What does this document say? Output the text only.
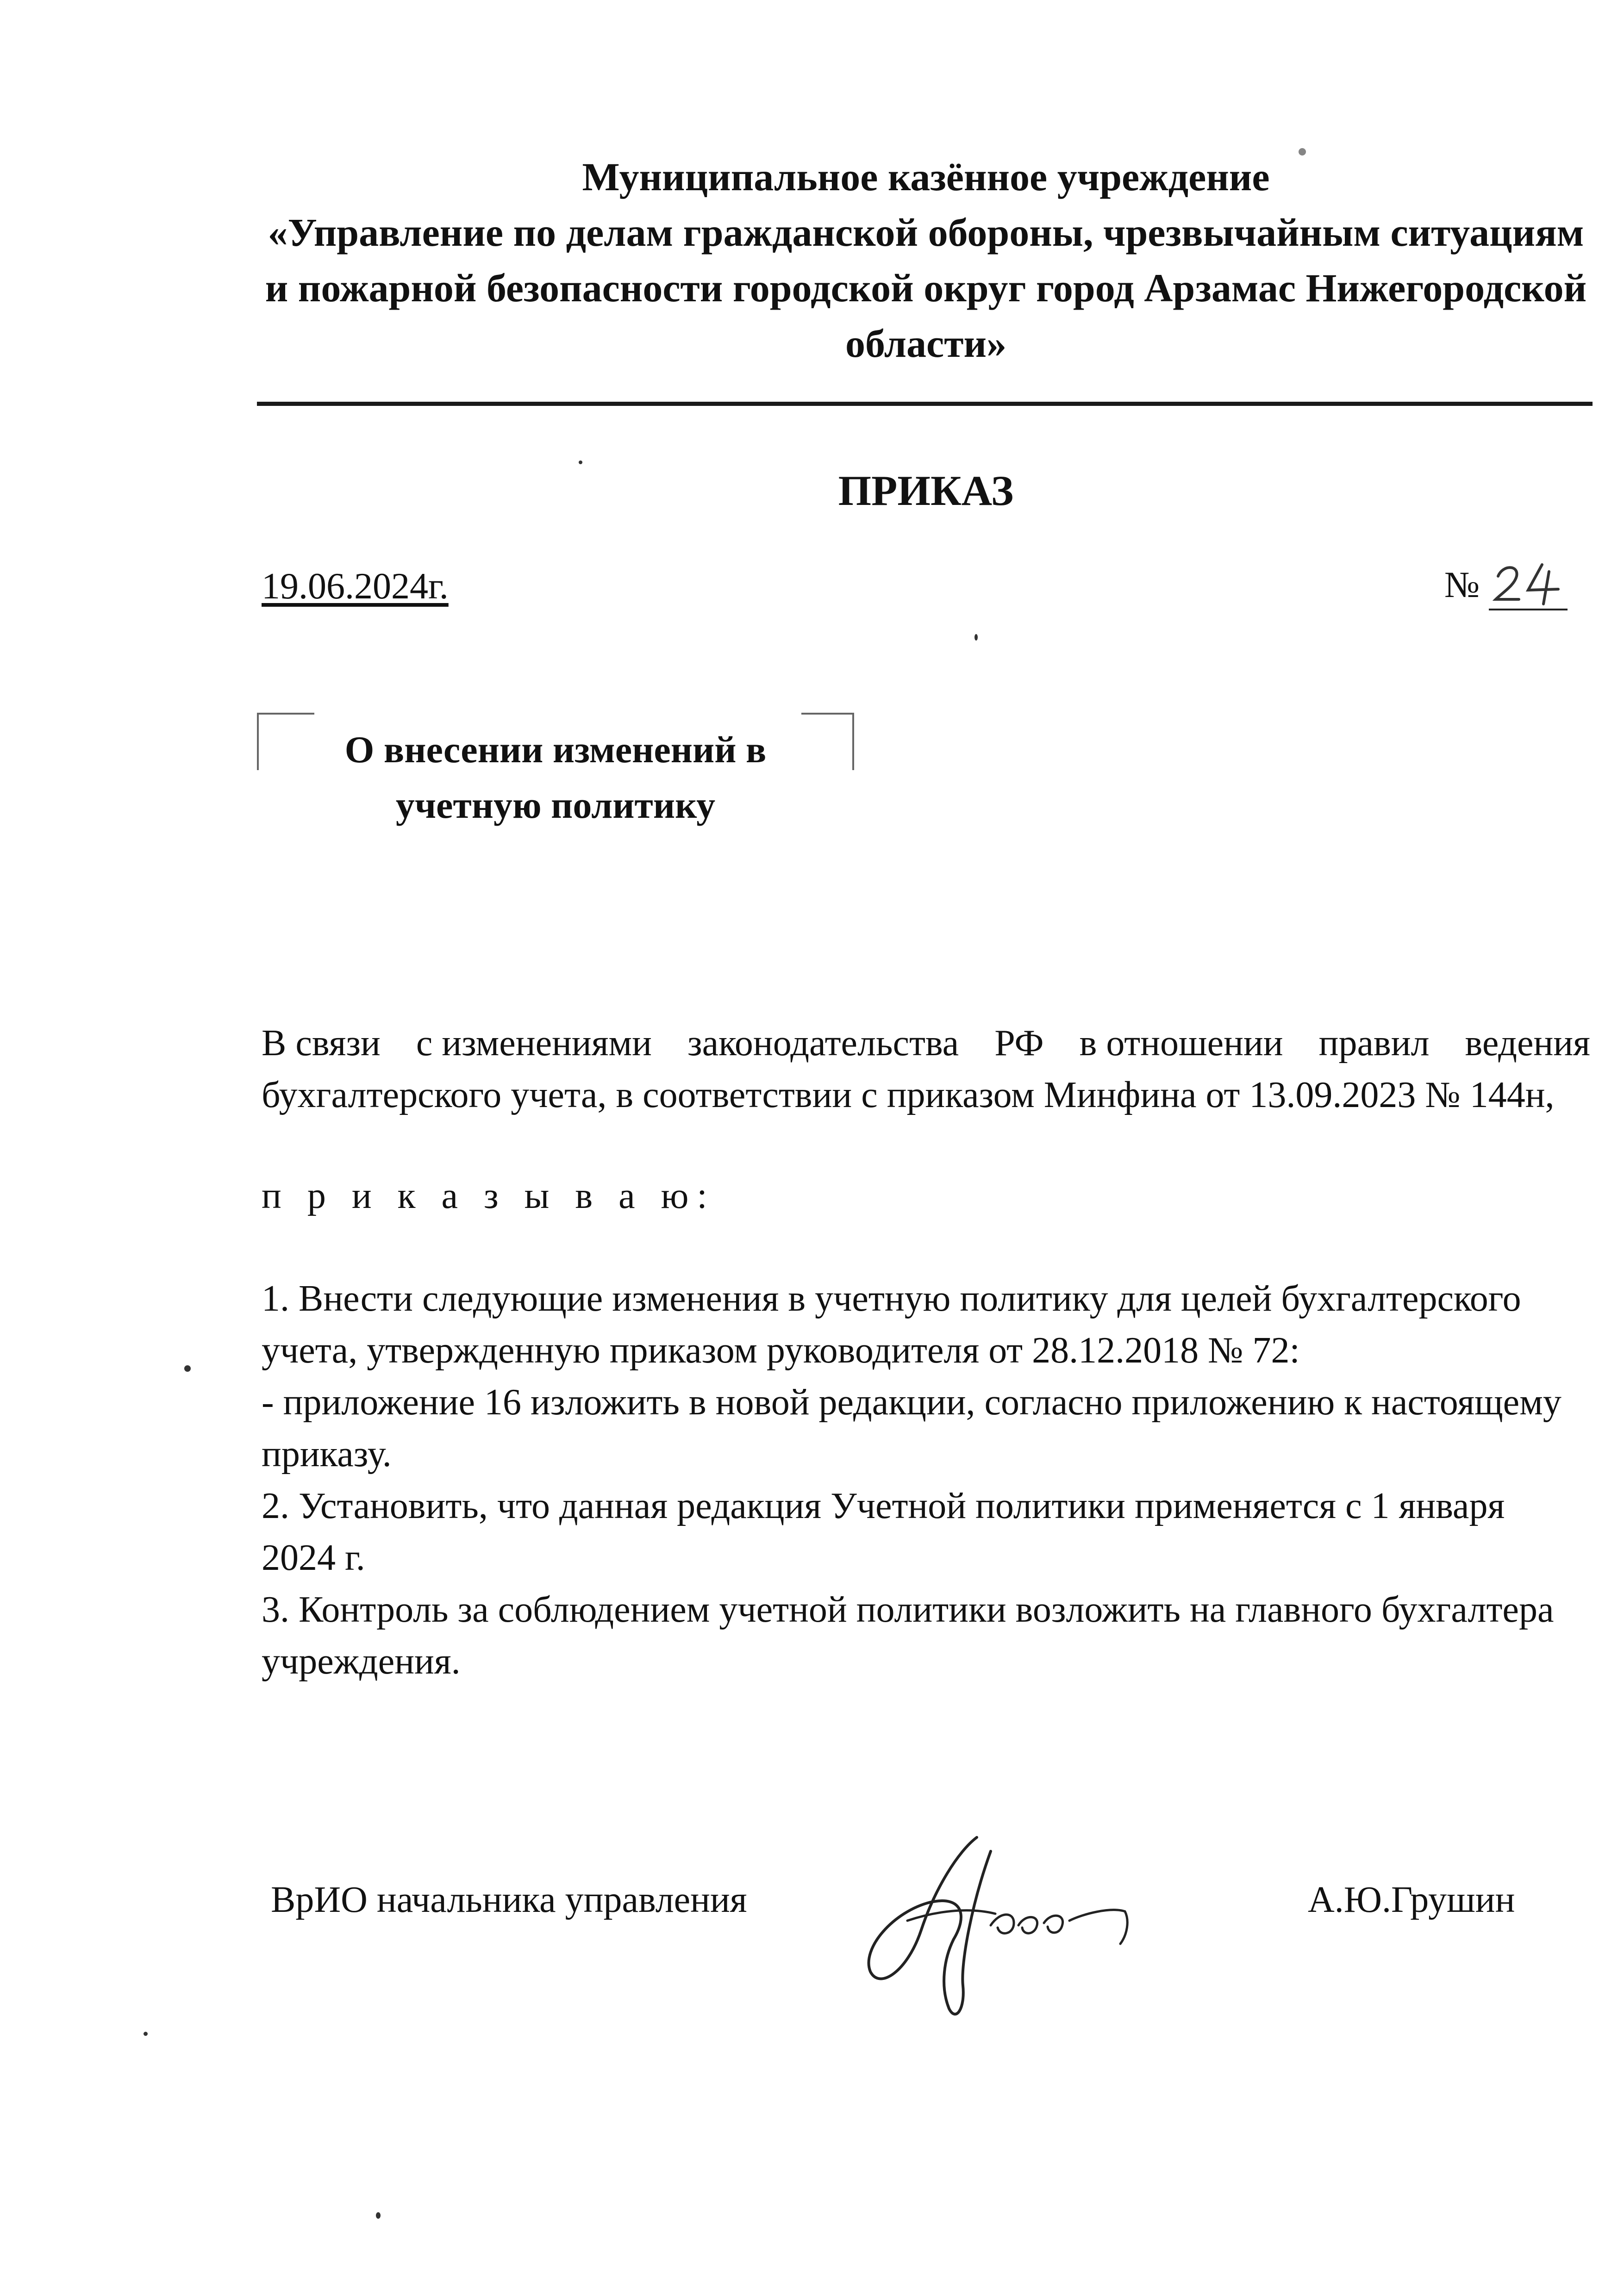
Муниципальное казённое учреждение
«Управление по делам гражданской обороны, чрезвычайным ситуациям
и пожарной безопасности городской округ город Арзамас Нижегородской
области»
ПРИКАЗ
19.06.2024г.	№
О внесении изменений в
учетную политику
В связи с изменениями законодательства РФ в отношении правил ведения
бухгалтерского учета, в соответствии с приказом Минфина от 13.09.2023 № 144н,
п р и к а з ы в а ю:
1. Внести следующие изменения в учетную политику для целей бухгалтерского
учета, утвержденную приказом руководителя от 28.12.2018 № 72:
- приложение 16 изложить в новой редакции, согласно приложению к настоящему
приказу.
2. Установить, что данная редакция Учетной политики применяется с 1 января
2024 г.
3. Контроль за соблюдением учетной политики возложить на главного бухгалтера
учреждения.
ВрИО начальника управления	А.Ю.Грушин
